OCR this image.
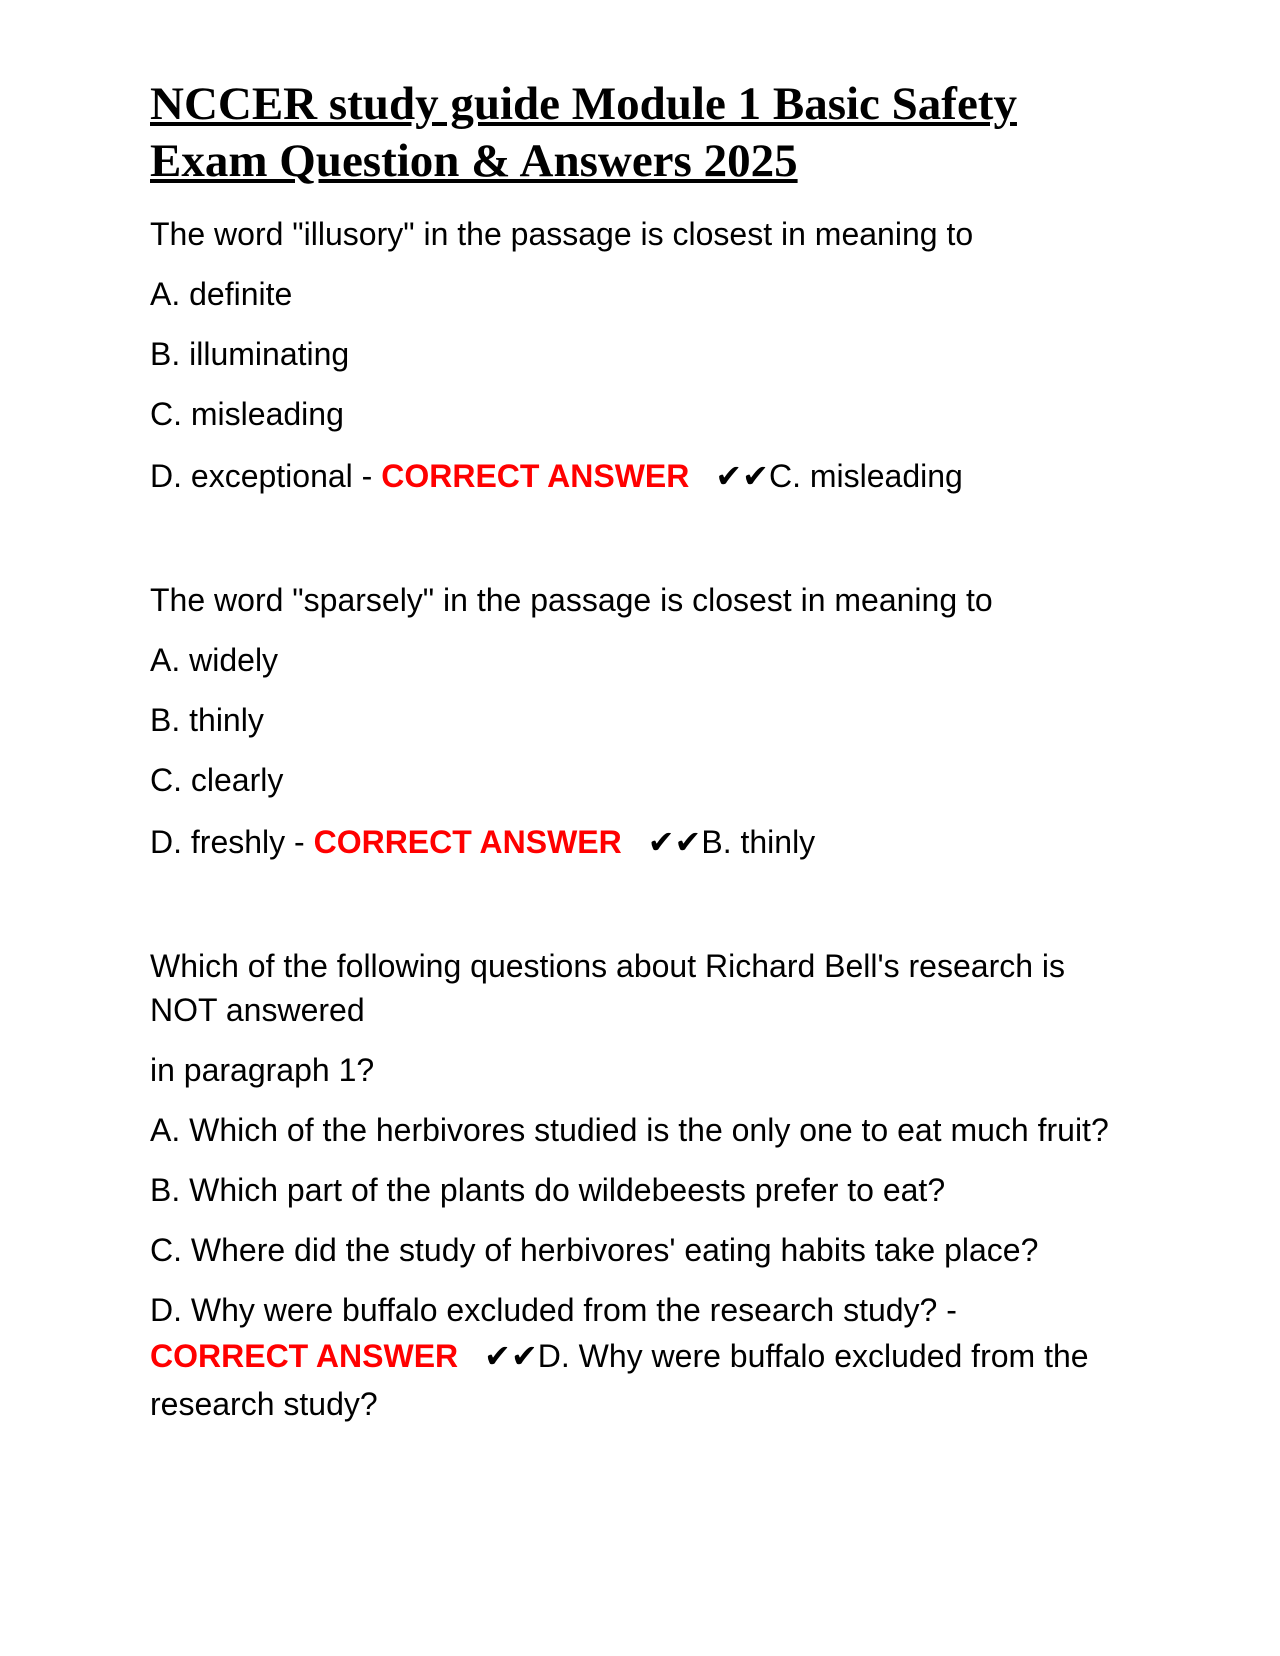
NCCER study guide Module 1 Basic Safety Exam Question & Answers 2025
The word "illusory" in the passage is closest in meaning to
A. definite
B. illuminating
C. misleading
D. exceptional - CORRECT ANSWER ✔✔C. misleading
The word "sparsely" in the passage is closest in meaning to
A. widely
B. thinly
C. clearly
D. freshly - CORRECT ANSWER ✔✔B. thinly
Which of the following questions about Richard Bell's research is NOT answered
in paragraph 1?
A. Which of the herbivores studied is the only one to eat much fruit?
B. Which part of the plants do wildebeests prefer to eat?
C. Where did the study of herbivores' eating habits take place?
D. Why were buffalo excluded from the research study? -
CORRECT ANSWER ✔✔D. Why were buffalo excluded from the research study?
